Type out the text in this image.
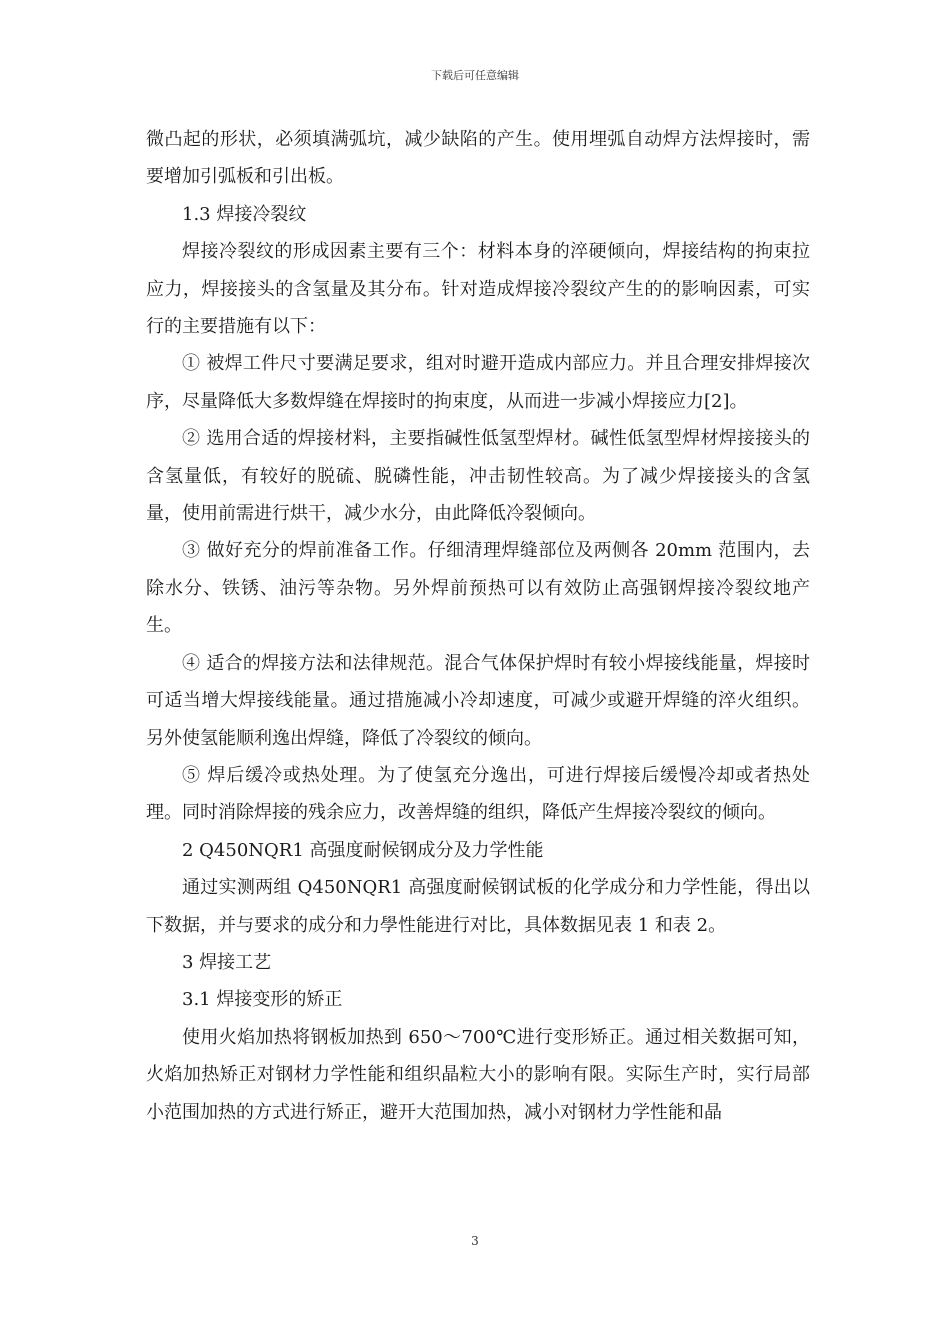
下载后可任意编辑

微凸起的形状，必须填满弧坑，减少缺陷的产生。使用埋弧自动焊方法焊接时，需要增加引弧板和引出板。

1.3 焊接冷裂纹

焊接冷裂纹的形成因素主要有三个：材料本身的淬硬倾向，焊接结构的拘束拉应力，焊接接头的含氢量及其分布。针对造成焊接冷裂纹产生的的影响因素，可实行的主要措施有以下：

① 被焊工件尺寸要满足要求，组对时避开造成内部应力。并且合理安排焊接次序，尽量降低大多数焊缝在焊接时的拘束度，从而进一步减小焊接应力[2]。

② 选用合适的焊接材料，主要指碱性低氢型焊材。碱性低氢型焊材焊接接头的含氢量低，有较好的脱硫、脱磷性能，冲击韧性较高。为了减少焊接接头的含氢量，使用前需进行烘干，减少水分，由此降低冷裂倾向。

③ 做好充分的焊前准备工作。仔细清理焊缝部位及两侧各 20mm 范围内，去除水分、铁锈、油污等杂物。另外焊前预热可以有效防止高强钢焊接冷裂纹地产生。

④ 适合的焊接方法和法律规范。混合气体保护焊时有较小焊接线能量，焊接时可适当增大焊接线能量。通过措施减小冷却速度，可减少或避开焊缝的淬火组织。另外使氢能顺利逸出焊缝，降低了冷裂纹的倾向。

⑤ 焊后缓冷或热处理。为了使氢充分逸出，可进行焊接后缓慢冷却或者热处理。同时消除焊接的残余应力，改善焊缝的组织，降低产生焊接冷裂纹的倾向。

2 Q450NQR1 高强度耐候钢成分及力学性能

通过实测两组 Q450NQR1 高强度耐候钢试板的化学成分和力学性能，得出以下数据，并与要求的成分和力學性能进行对比，具体数据见表 1 和表 2。

3 焊接工艺

3.1 焊接变形的矫正

使用火焰加热将钢板加热到 650～700℃进行变形矫正。通过相关数据可知，火焰加热矫正对钢材力学性能和组织晶粒大小的影响有限。实际生产时，实行局部小范围加热的方式进行矫正，避开大范围加热，减小对钢材力学性能和晶

3
